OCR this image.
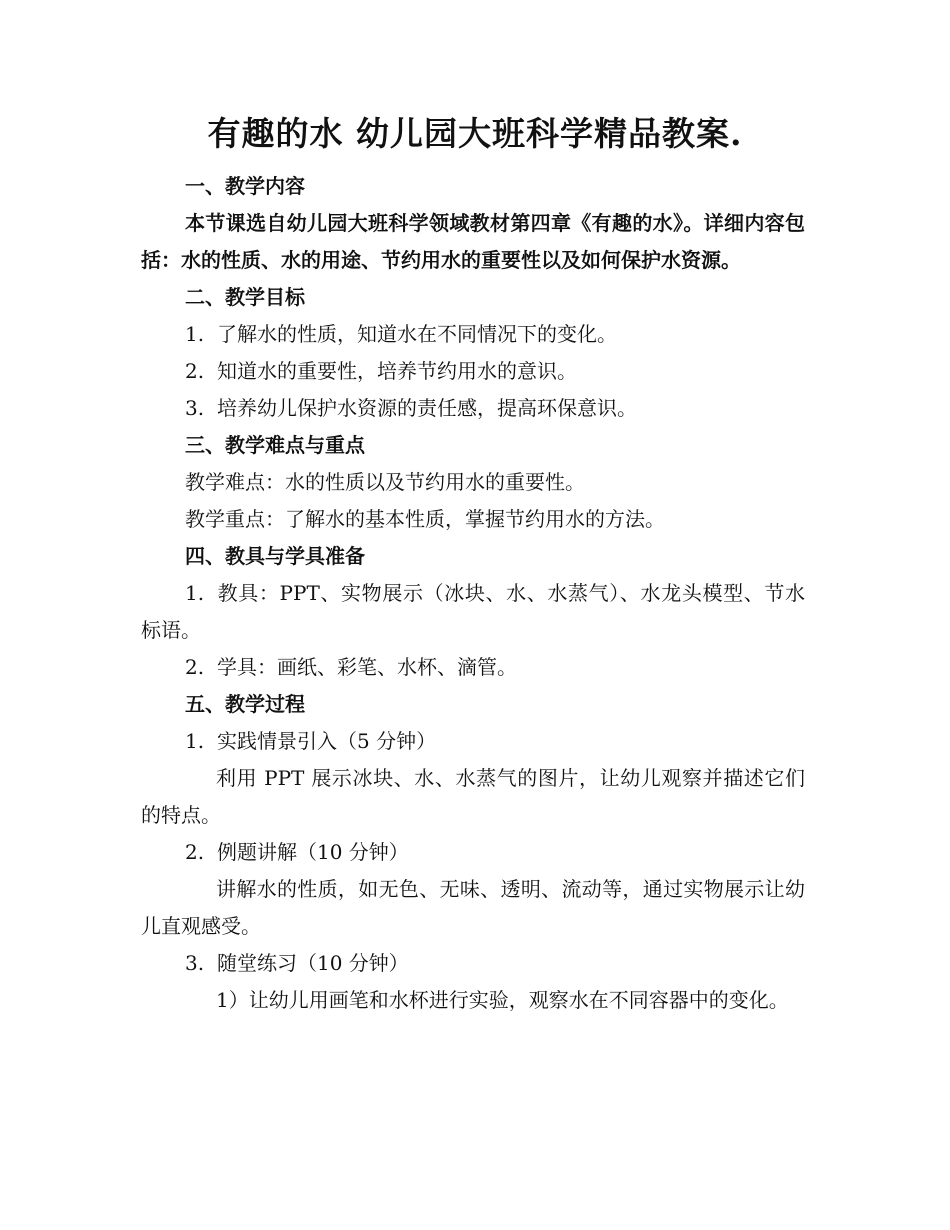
有趣的水 幼儿园大班科学精品教案.

一、教学内容

本节课选自幼儿园大班科学领域教材第四章《有趣的水》。详细内容包括：水的性质、水的用途、节约用水的重要性以及如何保护水资源。

二、教学目标

1. 了解水的性质，知道水在不同情况下的变化。

2. 知道水的重要性，培养节约用水的意识。

3. 培养幼儿保护水资源的责任感，提高环保意识。

三、教学难点与重点

教学难点：水的性质以及节约用水的重要性。

教学重点：了解水的基本性质，掌握节约用水的方法。

四、教具与学具准备

1. 教具：PPT、实物展示（冰块、水、水蒸气）、水龙头模型、节水标语。

2. 学具：画纸、彩笔、水杯、滴管。

五、教学过程

1. 实践情景引入（5 分钟）

利用 PPT 展示冰块、水、水蒸气的图片，让幼儿观察并描述它们的特点。

2. 例题讲解（10 分钟）

讲解水的性质，如无色、无味、透明、流动等，通过实物展示让幼儿直观感受。

3. 随堂练习（10 分钟）

1）让幼儿用画笔和水杯进行实验，观察水在不同容器中的变化。
